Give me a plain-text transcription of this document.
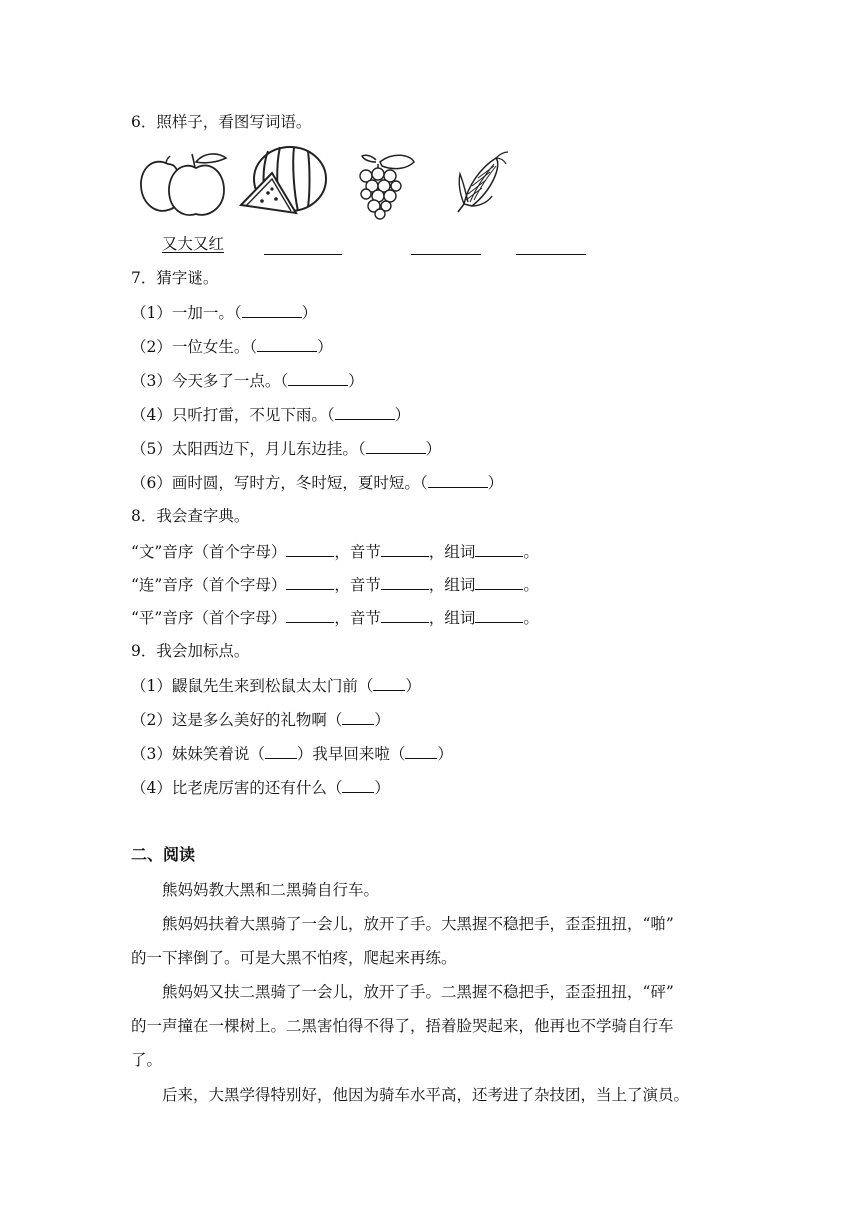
6．照样子，看图写词语。
又大又红
7．猜字谜。
（1）一加一。（	）
（2）一位女生。（	）
（3）今天多了一点。（	）
（4）只听打雷，不见下雨。（	）
（5）太阳西边下，月儿东边挂。（	）
（6）画时圆，写时方，冬时短，夏时短。（	）
8．我会查字典。
“文”音序（首个字母）	，音节	，组词	。
“连”音序（首个字母）	，音节	，组词	。
“平”音序（首个字母）	，音节	，组词	。
9．我会加标点。
（1）鼹鼠先生来到松鼠太太门前（ ）
（2）这是多么美好的礼物啊（ ）
（3）妹妹笑着说（ ）我早回来啦（ ）
（4）比老虎厉害的还有什么（ ）
二、阅读
熊妈妈教大黑和二黑骑自行车。
熊妈妈扶着大黑骑了一会儿，放开了手。大黑握不稳把手，歪歪扭扭，“啪”
的一下摔倒了。可是大黑不怕疼，爬起来再练。
熊妈妈又扶二黑骑了一会儿，放开了手。二黑握不稳把手，歪歪扭扭，“砰”
的一声撞在一棵树上。二黑害怕得不得了，捂着脸哭起来，他再也不学骑自行车
了。
后来，大黑学得特别好，他因为骑车水平高，还考进了杂技团，当上了演员。
